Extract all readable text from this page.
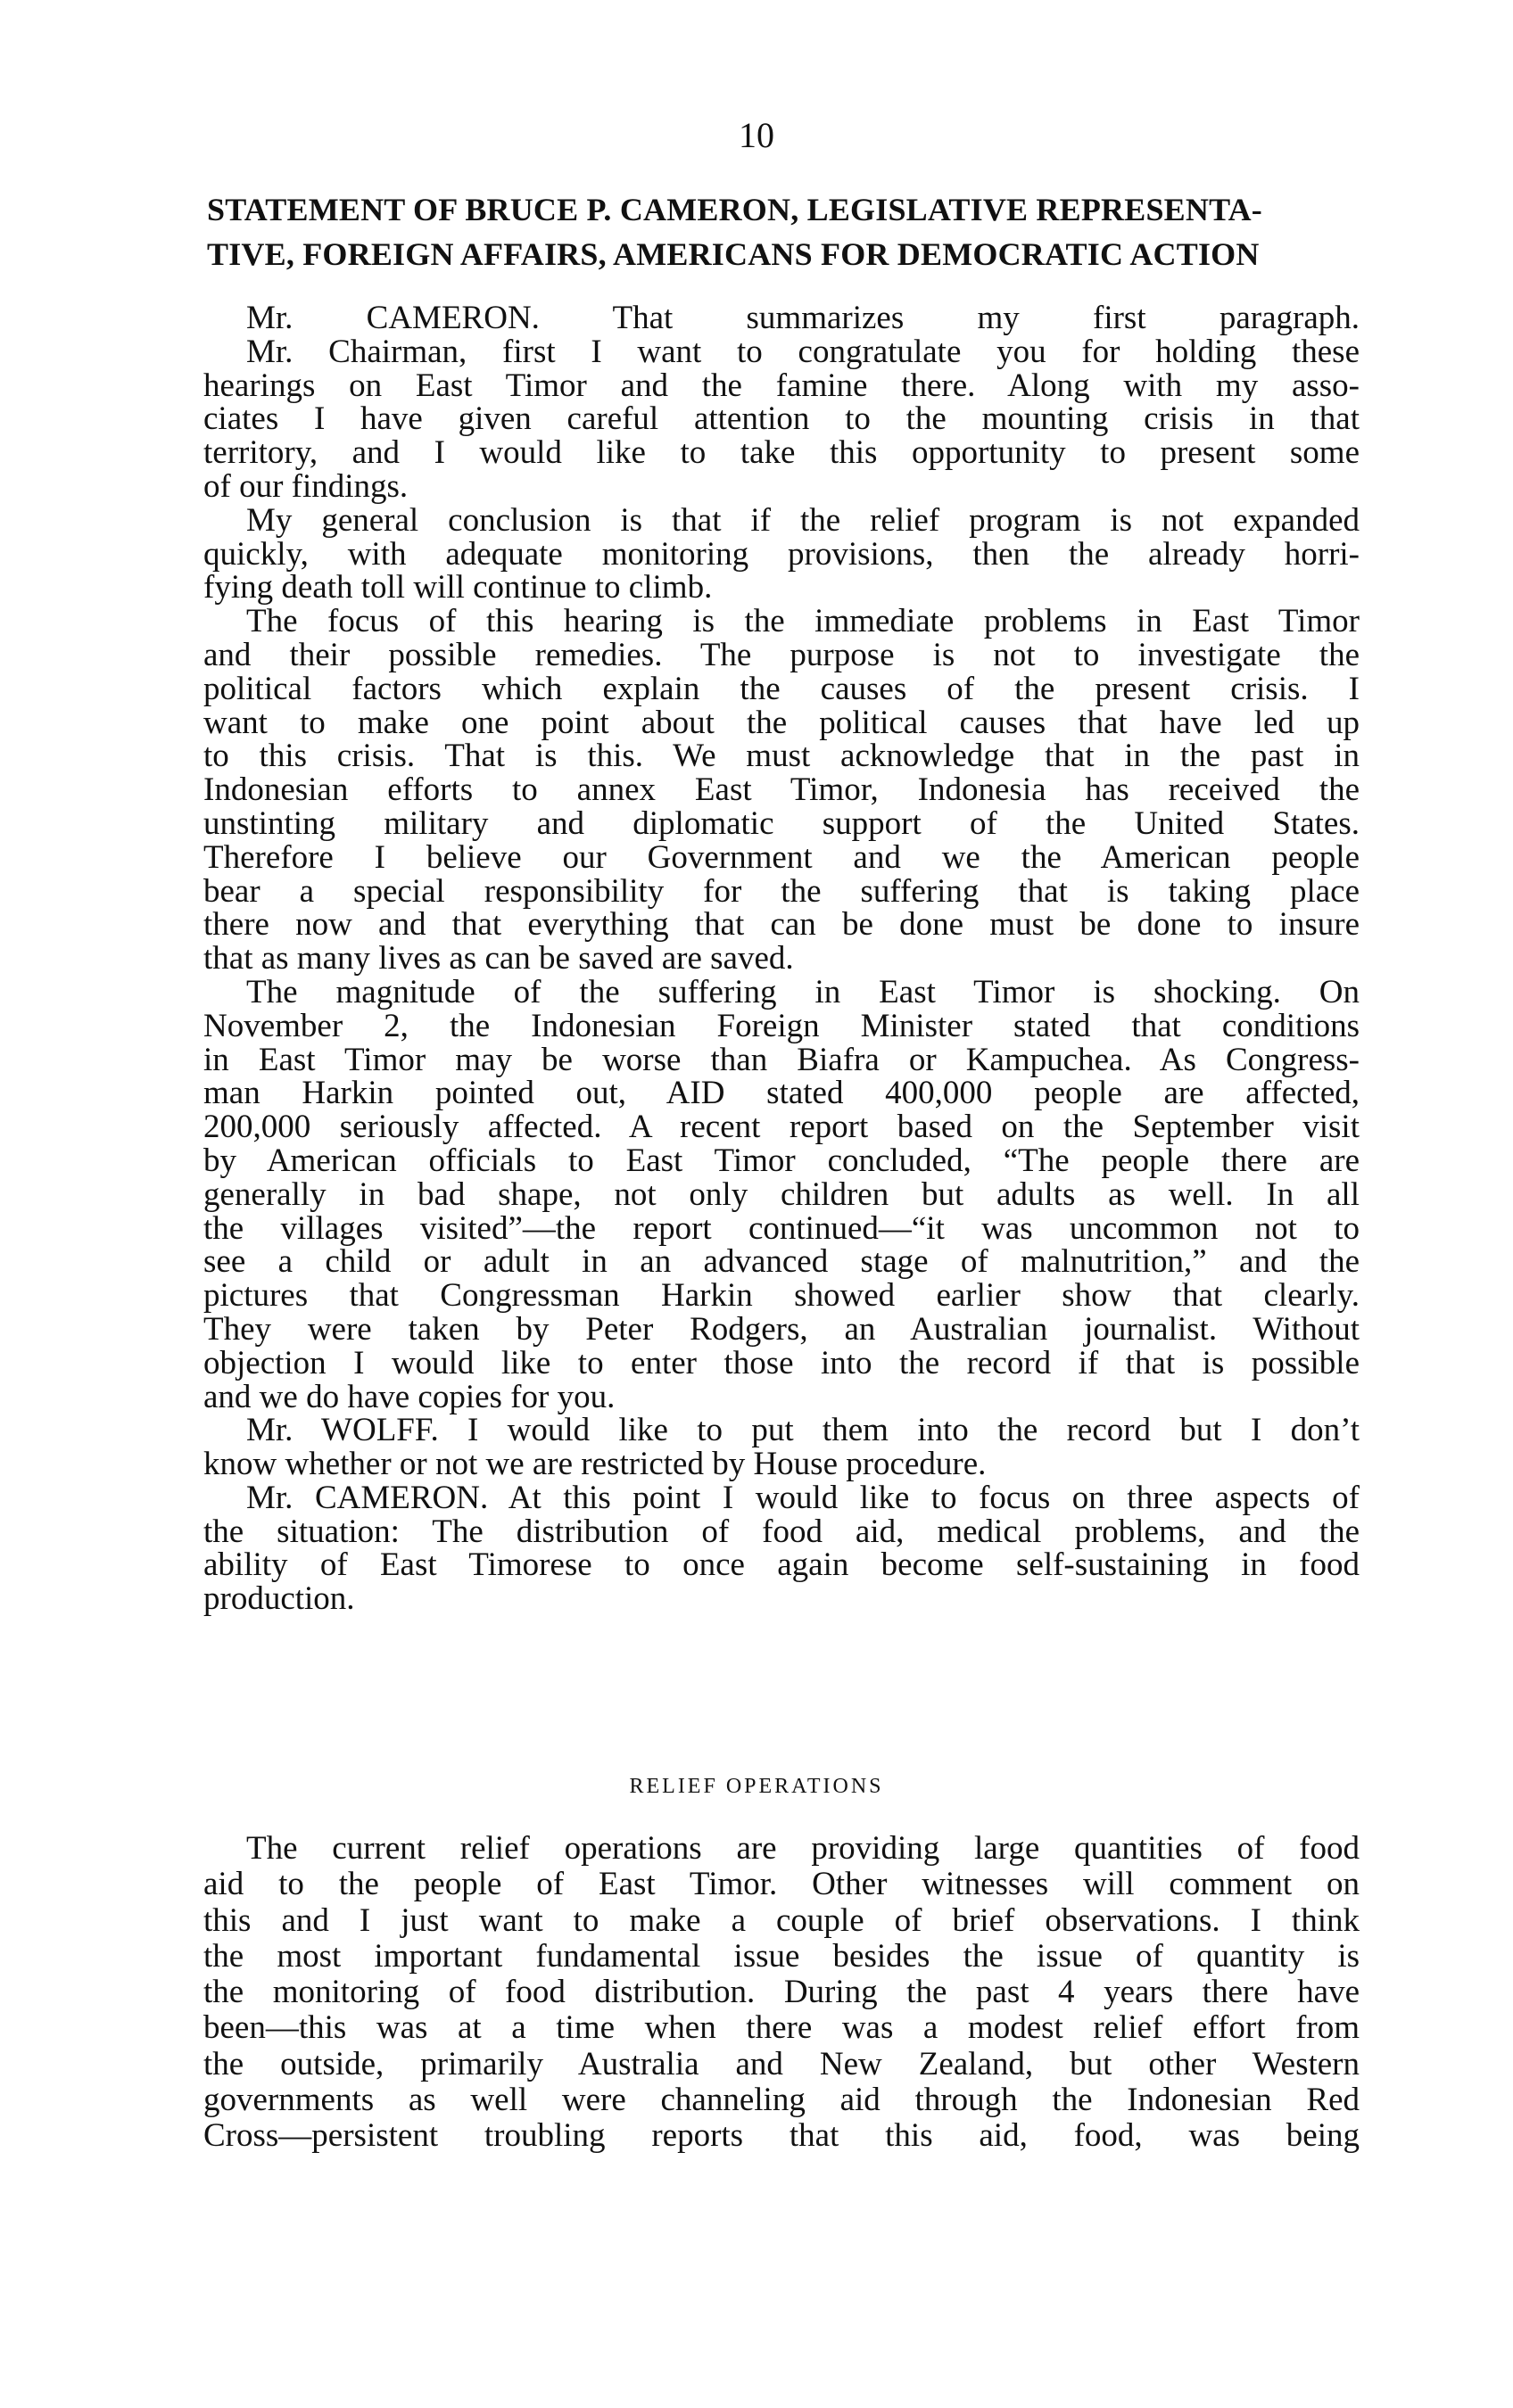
10
STATEMENT OF BRUCE P. CAMERON, LEGISLATIVE REPRESENTA-
TIVE, FOREIGN AFFAIRS, AMERICANS FOR DEMOCRATIC ACTION
Mr. CAMERON. That summarizes my first paragraph.
Mr. Chairman, first I want to congratulate you for holding these
hearings on East Timor and the famine there. Along with my asso-
ciates I have given careful attention to the mounting crisis in that
territory, and I would like to take this opportunity to present some
of our findings.
My general conclusion is that if the relief program is not expanded
quickly, with adequate monitoring provisions, then the already horri-
fying death toll will continue to climb.
The focus of this hearing is the immediate problems in East Timor
and their possible remedies. The purpose is not to investigate the
political factors which explain the causes of the present crisis. I
want to make one point about the political causes that have led up
to this crisis. That is this. We must acknowledge that in the past in
Indonesian efforts to annex East Timor, Indonesia has received the
unstinting military and diplomatic support of the United States.
Therefore I believe our Government and we the American people
bear a special responsibility for the suffering that is taking place
there now and that everything that can be done must be done to insure
that as many lives as can be saved are saved.
The magnitude of the suffering in East Timor is shocking. On
November 2, the Indonesian Foreign Minister stated that conditions
in East Timor may be worse than Biafra or Kampuchea. As Congress-
man Harkin pointed out, AID stated 400,000 people are affected,
200,000 seriously affected. A recent report based on the September visit
by American officials to East Timor concluded, “The people there are
generally in bad shape, not only children but adults as well. In all
the villages visited”—the report continued—“it was uncommon not to
see a child or adult in an advanced stage of malnutrition,” and the
pictures that Congressman Harkin showed earlier show that clearly.
They were taken by Peter Rodgers, an Australian journalist. Without
objection I would like to enter those into the record if that is possible
and we do have copies for you.
Mr. WOLFF. I would like to put them into the record but I don’t
know whether or not we are restricted by House procedure.
Mr. CAMERON. At this point I would like to focus on three aspects of
the situation: The distribution of food aid, medical problems, and the
ability of East Timorese to once again become self-sustaining in food
production.
RELIEF OPERATIONS
The current relief operations are providing large quantities of food
aid to the people of East Timor. Other witnesses will comment on
this and I just want to make a couple of brief observations. I think
the most important fundamental issue besides the issue of quantity is
the monitoring of food distribution. During the past 4 years there have
been—this was at a time when there was a modest relief effort from
the outside, primarily Australia and New Zealand, but other Western
governments as well were channeling aid through the Indonesian Red
Cross—persistent troubling reports that this aid, food, was being
